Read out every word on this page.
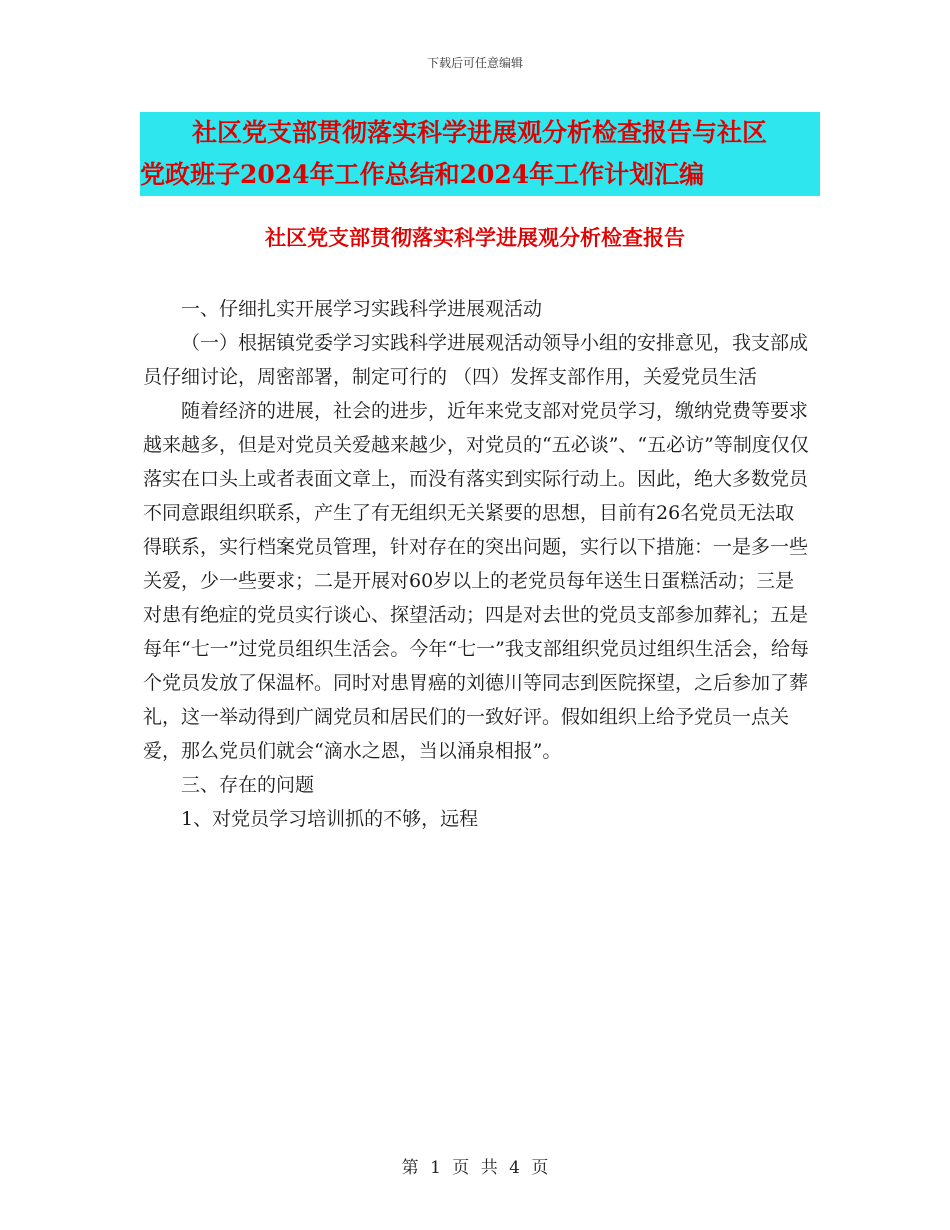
下载后可任意编辑
社区党支部贯彻落实科学进展观分析检查报告与社区
党政班子2024年工作总结和2024年工作计划汇编
社区党支部贯彻落实科学进展观分析检查报告

一、仔细扎实开展学习实践科学进展观活动

（一）根据镇党委学习实践科学进展观活动领导小组的安排意见，我支部成员仔细讨论，周密部署，制定可行的 （四）发挥支部作用，关爱党员生活

随着经济的进展，社会的进步，近年来党支部对党员学习，缴纳党费等要求越来越多，但是对党员关爱越来越少，对党员的“五必谈”、“五必访”等制度仅仅落实在口头上或者表面文章上，而没有落实到实际行动上。因此，绝大多数党员不同意跟组织联系，产生了有无组织无关紧要的思想，目前有26名党员无法取得联系，实行档案党员管理，针对存在的突出问题，实行以下措施：一是多一些关爱，少一些要求；二是开展对60岁以上的老党员每年送生日蛋糕活动；三是对患有绝症的党员实行谈心、探望活动；四是对去世的党员支部参加葬礼；五是每年“七一”过党员组织生活会。今年“七一”我支部组织党员过组织生活会，给每个党员发放了保温杯。同时对患胃癌的刘德川等同志到医院探望，之后参加了葬礼，这一举动得到广阔党员和居民们的一致好评。假如组织上给予党员一点关爱，那么党员们就会“滴水之恩，当以涌泉相报”。

三、存在的问题

1、对党员学习培训抓的不够，远程

第 1 页 共 4 页
